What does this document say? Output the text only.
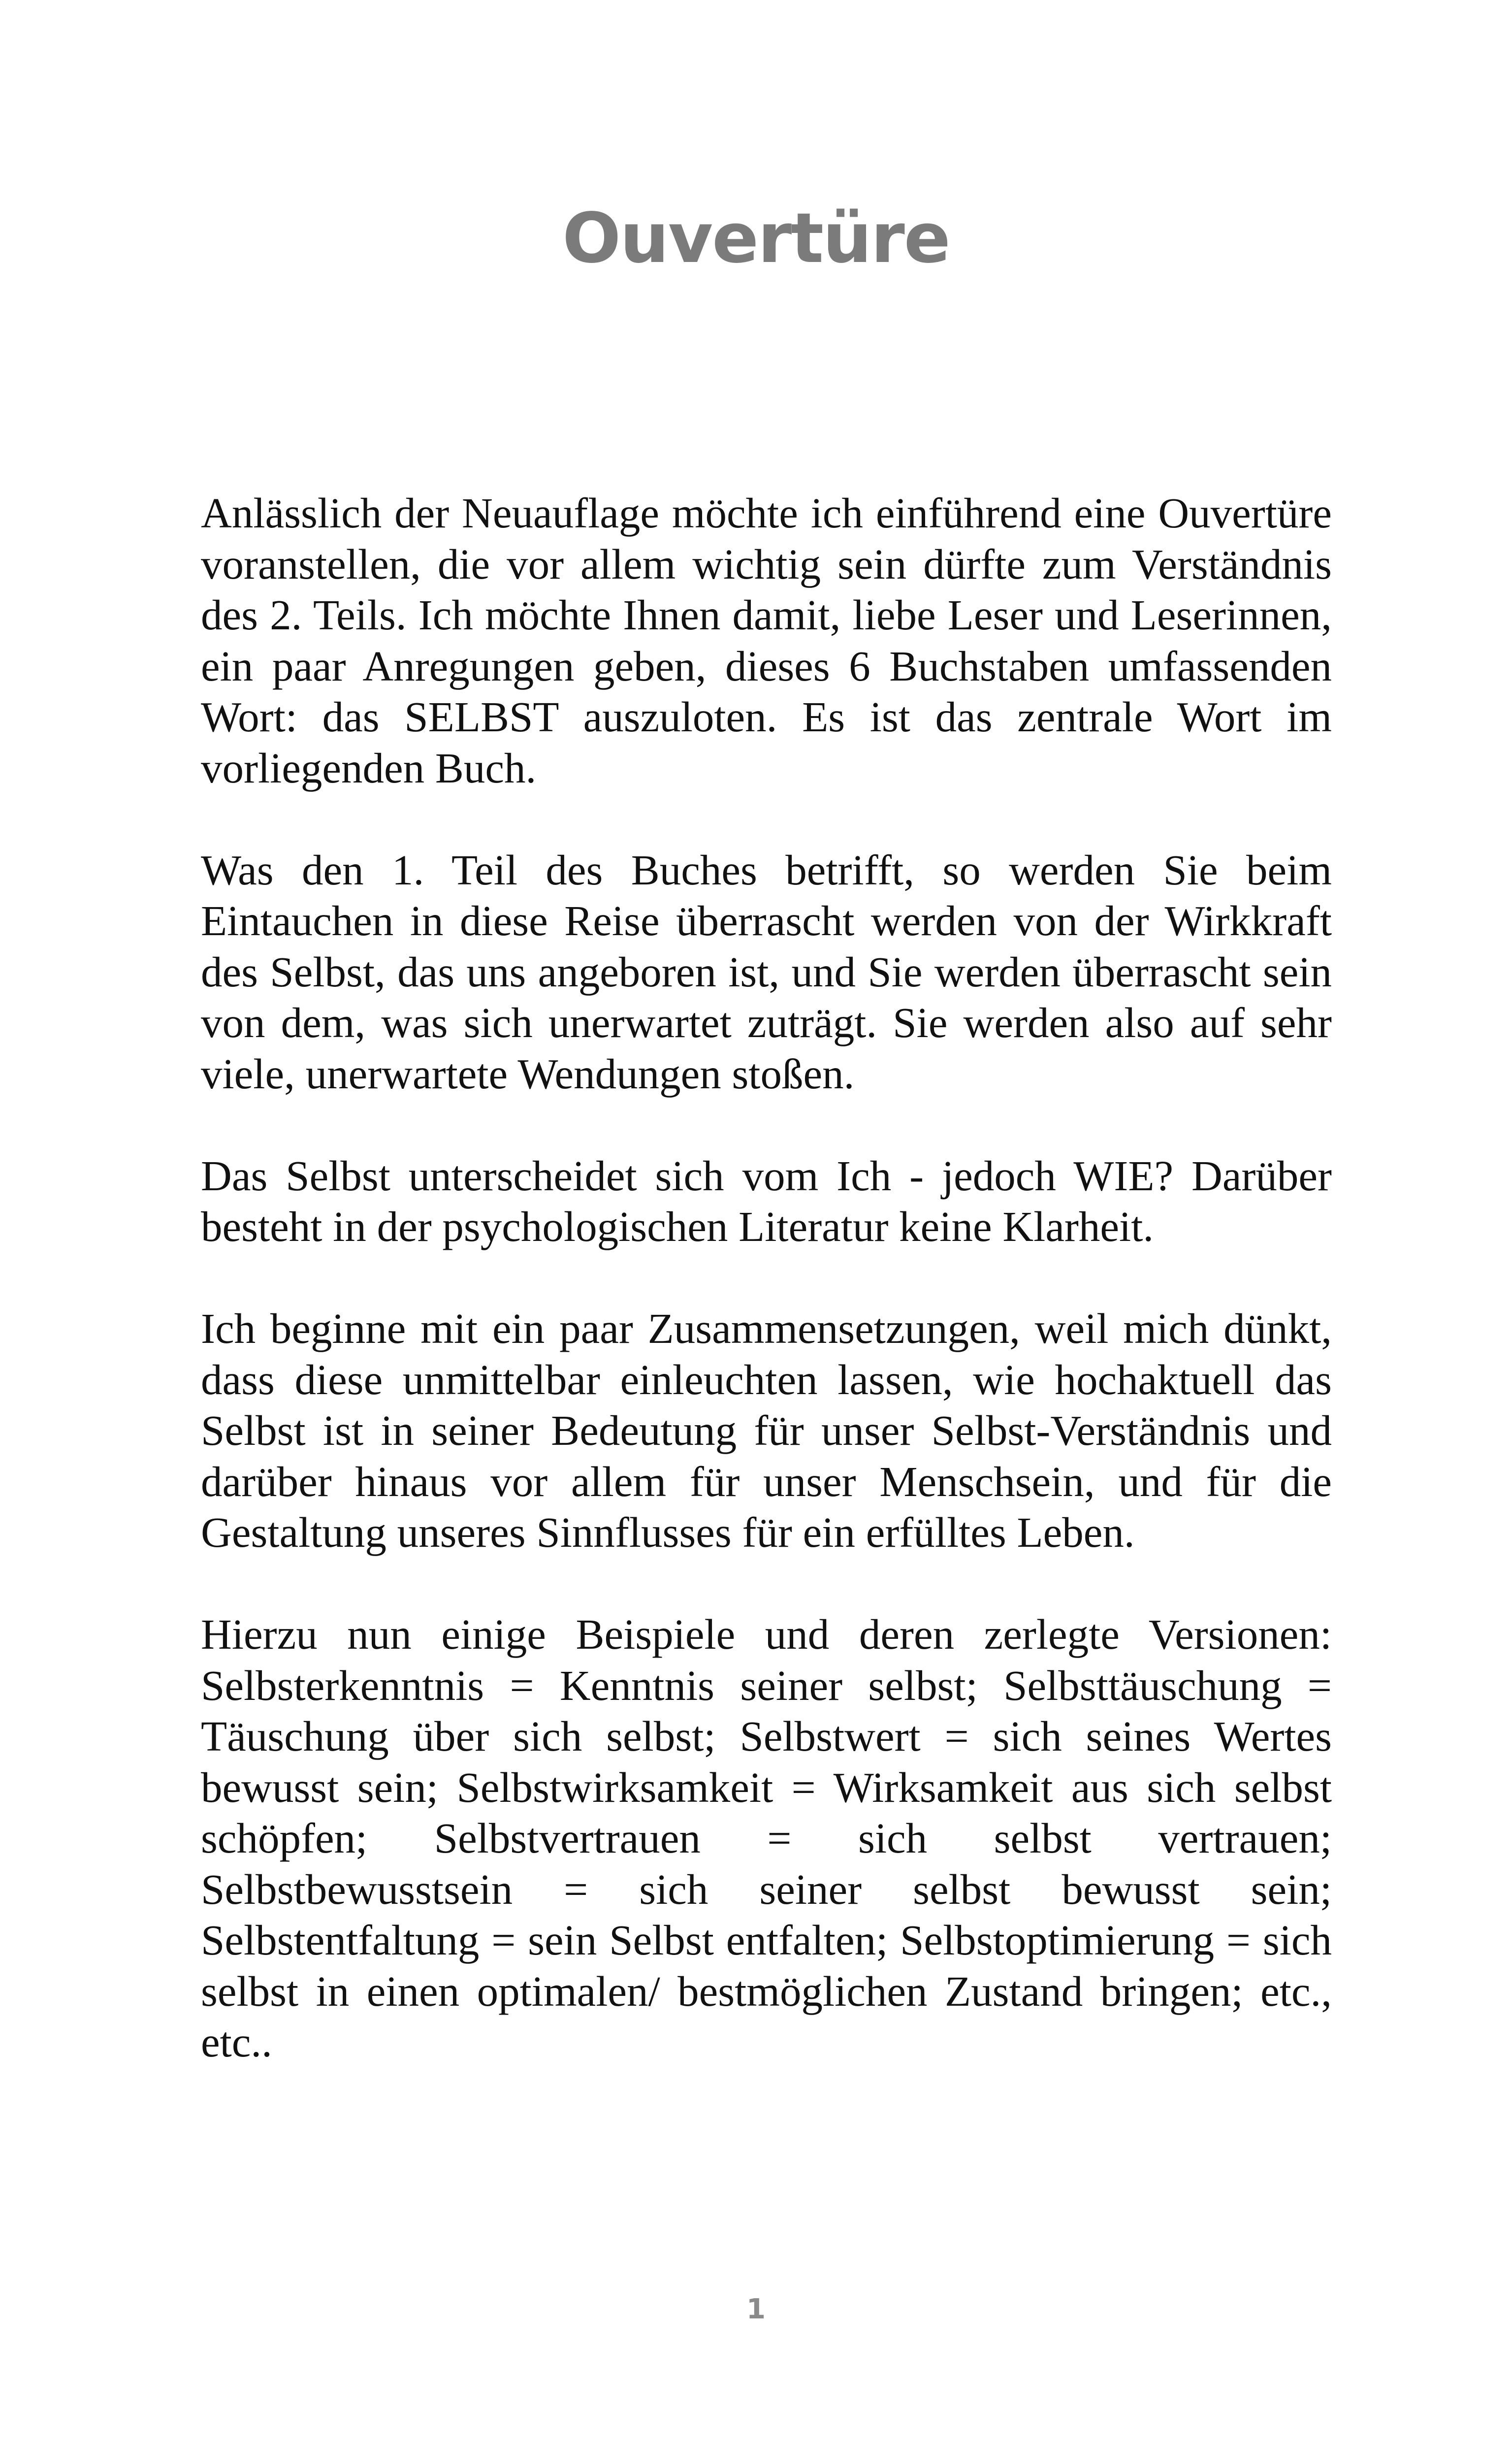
Ouvertüre

Anlässlich der Neuauflage möchte ich einführend eine Ouvertüre voranstellen, die vor allem wichtig sein dürfte zum Verständnis des 2. Teils. Ich möchte Ihnen damit, liebe Leser und Leserinnen, ein paar Anregungen geben, dieses 6 Buchstaben umfassenden Wort: das SELBST auszuloten. Es ist das zentrale Wort im vorliegenden Buch.

Was den 1. Teil des Buches betrifft, so werden Sie beim Eintauchen in diese Reise überrascht werden von der Wirkkraft des Selbst, das uns angeboren ist, und Sie werden überrascht sein von dem, was sich unerwartet zuträgt. Sie werden also auf sehr viele, unerwartete Wendungen stoßen.

Das Selbst unterscheidet sich vom Ich - jedoch WIE? Darüber besteht in der psychologischen Literatur keine Klarheit.

Ich beginne mit ein paar Zusammensetzungen, weil mich dünkt, dass diese unmittelbar einleuchten lassen, wie hochaktuell das Selbst ist in seiner Bedeutung für unser Selbst-Verständnis und darüber hinaus vor allem für unser Menschsein, und für die Gestaltung unseres Sinnflusses für ein erfülltes Leben.

Hierzu nun einige Beispiele und deren zerlegte Versionen: Selbsterkenntnis = Kenntnis seiner selbst; Selbsttäuschung = Täuschung über sich selbst; Selbstwert = sich seines Wertes bewusst sein; Selbstwirksamkeit = Wirksamkeit aus sich selbst schöpfen; Selbstvertrauen = sich selbst vertrauen; Selbstbewusstsein = sich seiner selbst bewusst sein; Selbstentfaltung = sein Selbst entfalten; Selbstoptimierung = sich selbst in einen optimalen/ bestmöglichen Zustand bringen; etc., etc..

1
